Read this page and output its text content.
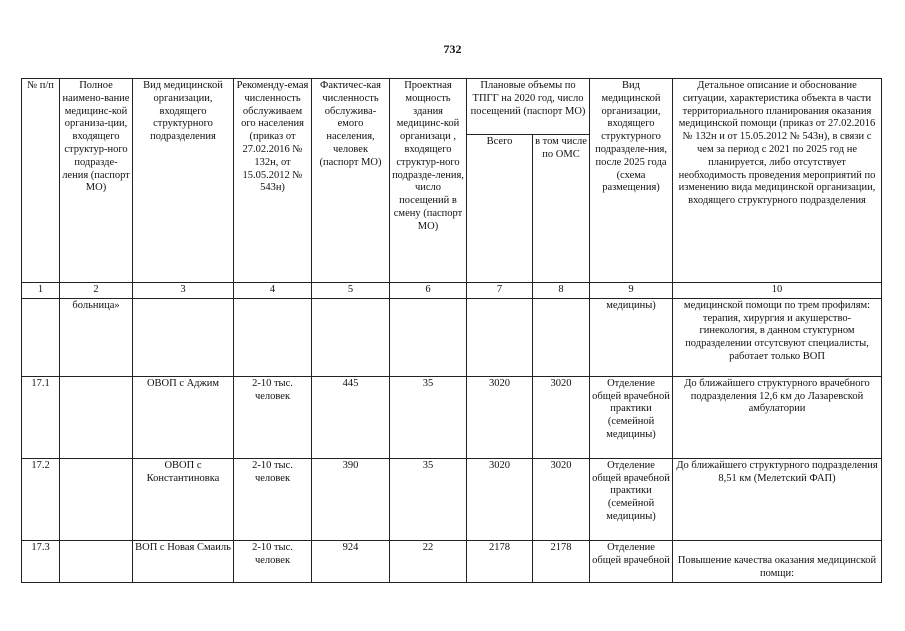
732
№ п/п	Полное наимено-вание медицинс-кой организа-ции, входящего структур-ного подразде-ления (паспорт МО)	Вид медицинской организации, входящего структурного подразделения	Рекоменду-емая численность обслуживаем ого населения (приказ от 27.02.2016 № 132н, от 15.05.2012 № 543н)	Фактичес-кая численность обслужива-емого населения, человек (паспорт МО)	Проектная мощность здания медицинс-кой организаци , входящего структур-ного подразде-ления, число посещений в смену (паспорт МО)	Плановые объемы по ТПГГ на 2020 год, число посещений (паспорт МО)		Вид медицинской организации, входящего структурного подразделе-ния, после 2025 года (схема размещения)	Детальное описание и обоснование ситуации, характеристика объекта в части территориального планирования оказания медицинской помощи (приказ от 27.02.2016 № 132н и от 15.05.2012 № 543н), в связи с чем за период с 2021 по 2025 год не планируется, либо отсутствует необходимость проведения мероприятий по изменению вида медицинской организации, входящего структурного подразделения
						Всего	в том числе по ОМС		
1	2	3	4	5	6	7	8	9	10
	больница»							медицины)	медицинской помощи по трем профилям: терапия, хирургия и акушерство-гинекология, в данном стуктурном подразделении отсутсвуют специалисты, работает только ВОП
17.1		ОВОП с Аджим	2-10 тыс. человек	445	35	3020	3020	Отделение общей врачебной практики (семейной медицины)	До ближайшего структурного врачебного подразделения 12,6 км до Лазаревской амбулатории
17.2		ОВОП с Константиновка	2-10 тыс. человек	390	35	3020	3020	Отделение общей врачебной практики (семейной медицины)	До ближайшего структурного подразделения 8,51 км (Мелетский ФАП)
17.3		ВОП с Новая Смаиль	2-10 тыс. человек	924	22	2178	2178	Отделение общей врачебной	Повышение качества оказания медицинской помщи:
